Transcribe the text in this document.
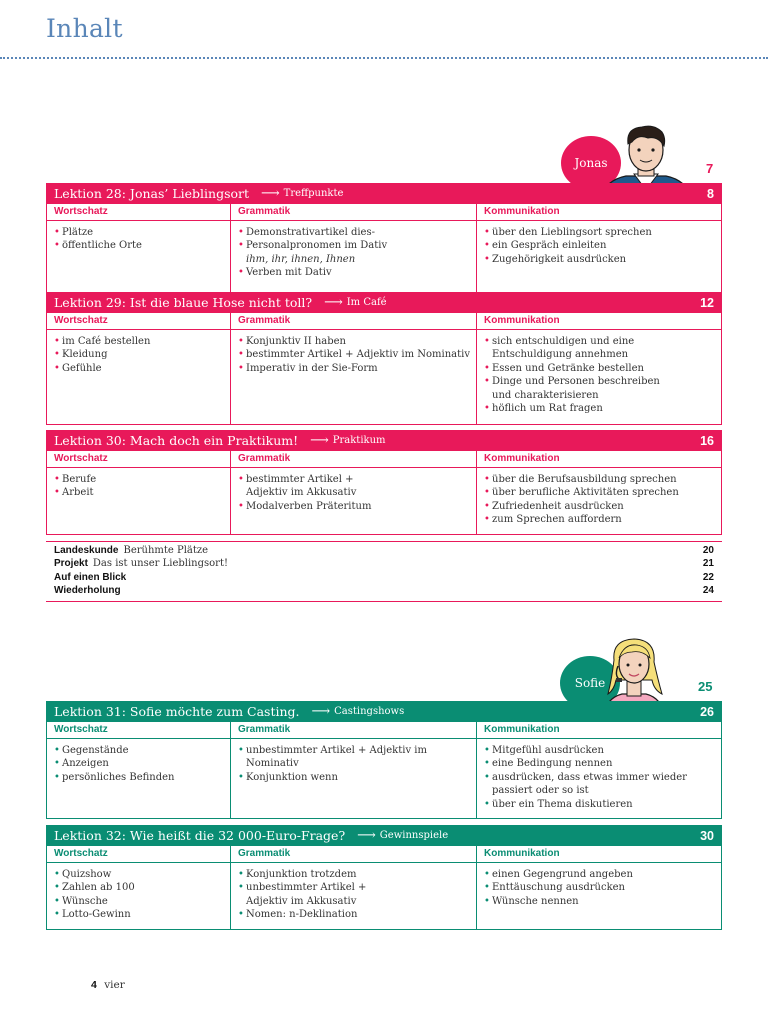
Inhalt
Jonas	7
Lektion 28: Jonas’ Lieblingsort ⟶ Treffpunkte	8
Wortschatz
• Plätze
• öffentliche Orte
Grammatik
• Demonstrativartikel dies-
• Personalpronomen im Dativ
ihm, ihr, ihnen, Ihnen
• Verben mit Dativ
Kommunikation
• über den Lieblingsort sprechen
• ein Gespräch einleiten
• Zugehörigkeit ausdrücken
Lektion 29: Ist die blaue Hose nicht toll? ⟶ Im Café	12
Wortschatz
• im Café bestellen
• Kleidung
• Gefühle
Grammatik
• Konjunktiv II haben
• bestimmter Artikel + Adjektiv im Nominativ
• Imperativ in der Sie-Form
Kommunikation
• sich entschuldigen und eine
Entschuldigung annehmen
• Essen und Getränke bestellen
• Dinge und Personen beschreiben
und charakterisieren
• höflich um Rat fragen
Lektion 30: Mach doch ein Praktikum! ⟶ Praktikum	16
Wortschatz
• Berufe
• Arbeit
Grammatik
• bestimmter Artikel +
Adjektiv im Akkusativ
• Modalverben Präteritum
Kommunikation
• über die Berufsausbildung sprechen
• über berufliche Aktivitäten sprechen
• Zufriedenheit ausdrücken
• zum Sprechen auffordern
Landeskunde Berühmte Plätze	20
Projekt Das ist unser Lieblingsort!	21
Auf einen Blick	22
Wiederholung	24
Sofie	25
Lektion 31: Sofie möchte zum Casting. ⟶ Castingshows	26
Wortschatz
• Gegenstände
• Anzeigen
• persönliches Befinden
Grammatik
• unbestimmter Artikel + Adjektiv im
Nominativ
• Konjunktion wenn
Kommunikation
• Mitgefühl ausdrücken
• eine Bedingung nennen
• ausdrücken, dass etwas immer wieder
passiert oder so ist
• über ein Thema diskutieren
Lektion 32: Wie heißt die 32 000-Euro-Frage? ⟶ Gewinnspiele	30
Wortschatz
• Quizshow
• Zahlen ab 100
• Wünsche
• Lotto-Gewinn
Grammatik
• Konjunktion trotzdem
• unbestimmter Artikel +
Adjektiv im Akkusativ
• Nomen: n-Deklination
Kommunikation
• einen Gegengrund angeben
• Enttäuschung ausdrücken
• Wünsche nennen
4 vier
